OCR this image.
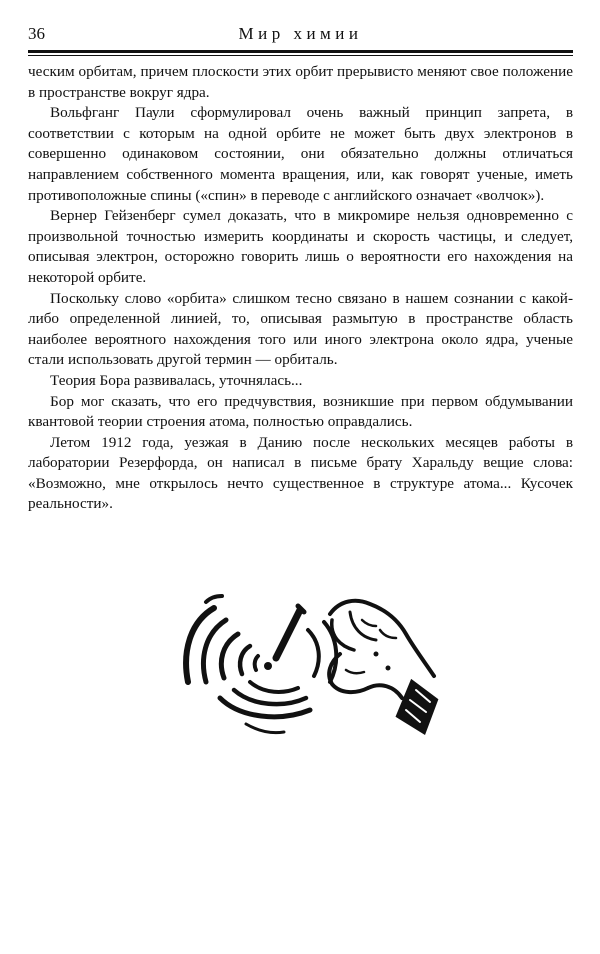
36	Мир химии

ческим орбитам, причем плоскости этих орбит прерывисто меняют свое положение в пространстве вокруг ядра.

Вольфганг Паули сформулировал очень важный принцип запрета, в соответствии с которым на одной орбите не может быть двух электронов в совершенно одинаковом состоянии, они обязательно должны отличаться направлением собственного момента вращения, или, как говорят ученые, иметь противоположные спины («спин» в переводе с английского означает «волчок»).

Вернер Гейзенберг сумел доказать, что в микромире нельзя одновременно с произвольной точностью измерить координаты и скорость частицы, и следует, описывая электрон, осторожно говорить лишь о вероятности его нахождения на некоторой орбите.

Поскольку слово «орбита» слишком тесно связано в нашем сознании с какой-либо определенной линией, то, описывая размытую в пространстве область наиболее вероятного нахождения того или иного электрона около ядра, ученые стали использовать другой термин — орбиталь.

Теория Бора развивалась, уточнялась...

Бор мог сказать, что его предчувствия, возникшие при первом обдумывании квантовой теории строения атома, полностью оправдались.

Летом 1912 года, уезжая в Данию после нескольких месяцев работы в лаборатории Резерфорда, он написал в письме брату Харальду вещие слова: «Возможно, мне открылось нечто существенное в структуре атома... Кусочек реальности».
